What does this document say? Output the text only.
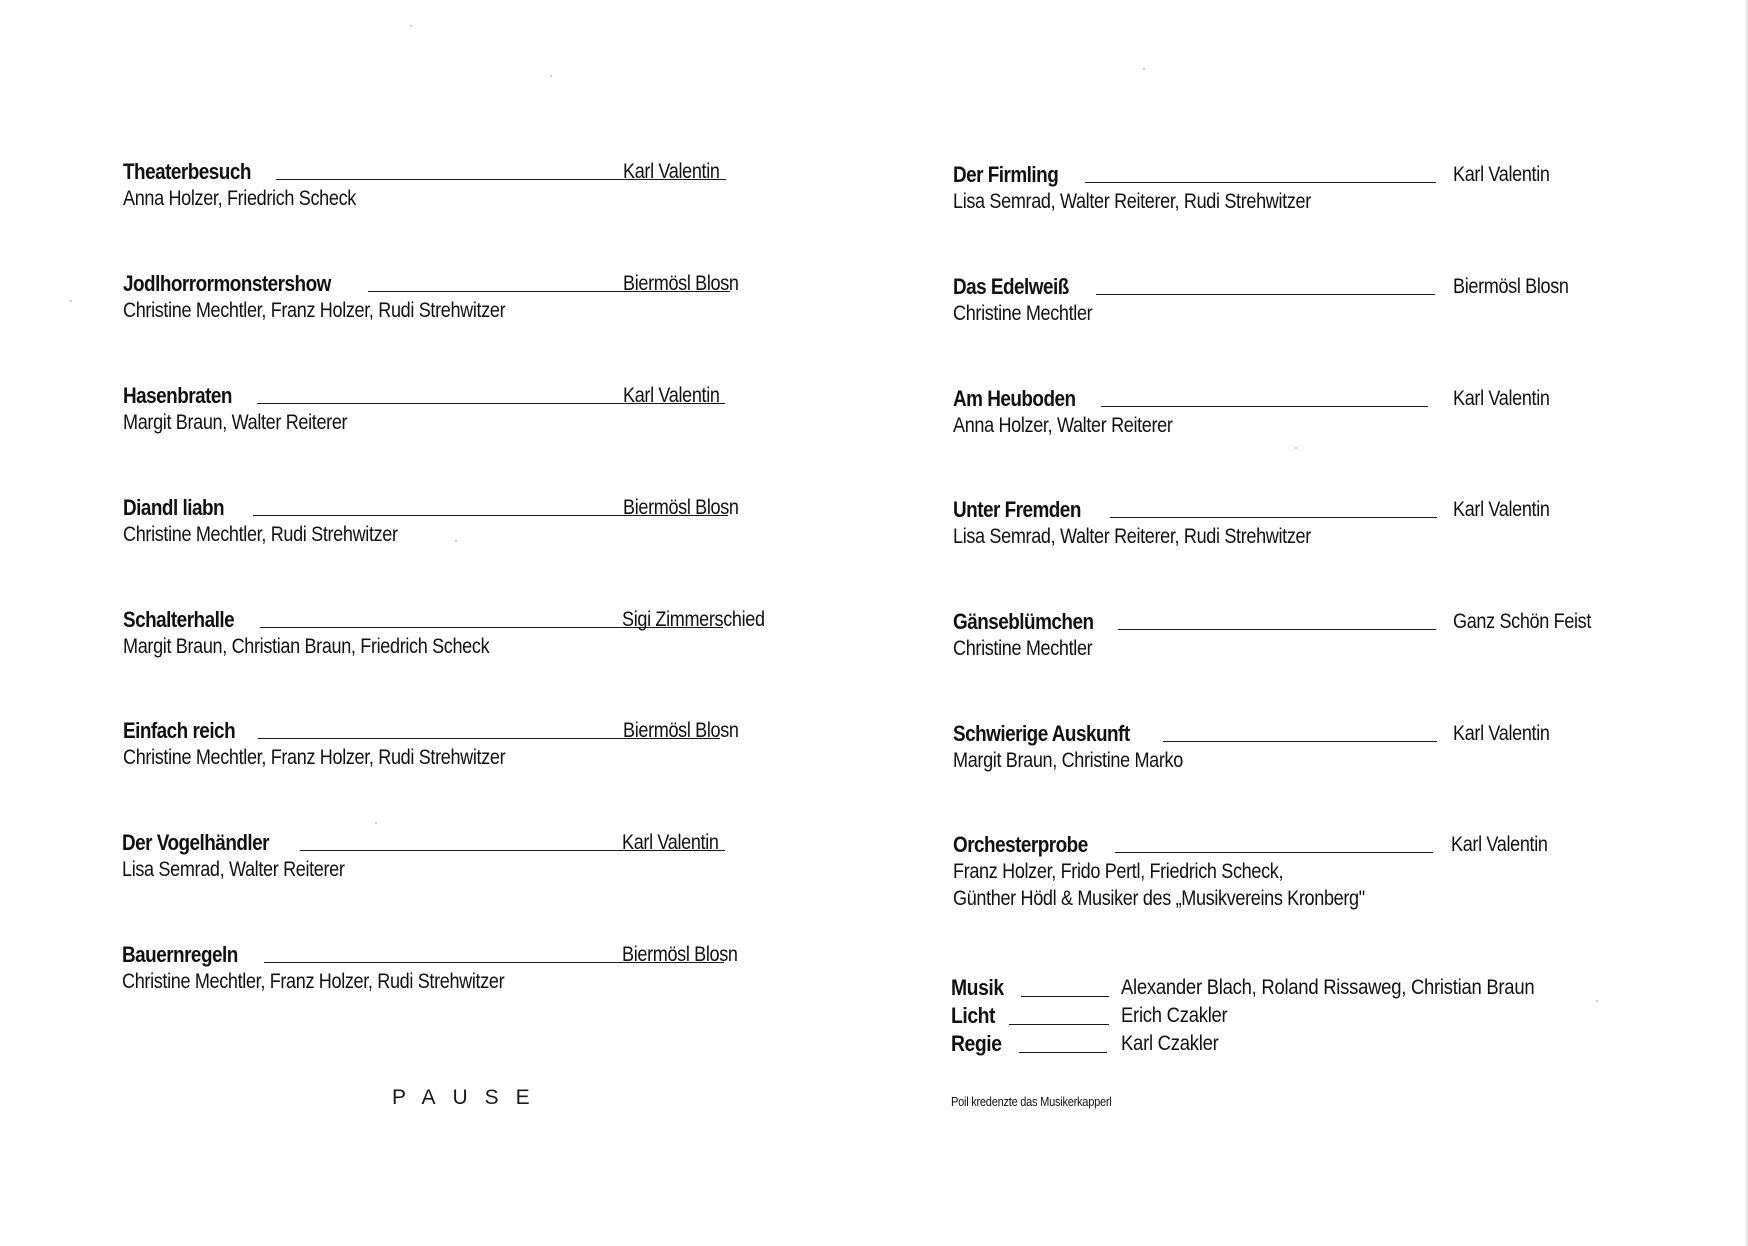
Theaterbesuch	Karl Valentin
Anna Holzer, Friedrich Scheck
Jodlhorrormonstershow	Biermösl Blosn
Christine Mechtler, Franz Holzer, Rudi Strehwitzer
Hasenbraten	Karl Valentin
Margit Braun, Walter Reiterer
Diandl liabn	Biermösl Blosn
Christine Mechtler, Rudi Strehwitzer
Schalterhalle	Sigi Zimmerschied
Margit Braun, Christian Braun, Friedrich Scheck
Einfach reich	Biermösl Blosn
Christine Mechtler, Franz Holzer, Rudi Strehwitzer
Der Vogelhändler	Karl Valentin
Lisa Semrad, Walter Reiterer
Bauernregeln	Biermösl Blosn
Christine Mechtler, Franz Holzer, Rudi Strehwitzer
PAUSE
Der Firmling	Karl Valentin
Lisa Semrad, Walter Reiterer, Rudi Strehwitzer
Das Edelweiß	Biermösl Blosn
Christine Mechtler
Am Heuboden	Karl Valentin
Anna Holzer, Walter Reiterer
Unter Fremden	Karl Valentin
Lisa Semrad, Walter Reiterer, Rudi Strehwitzer
Gänseblümchen	Ganz Schön Feist
Christine Mechtler
Schwierige Auskunft	Karl Valentin
Margit Braun, Christine Marko
Orchesterprobe	Karl Valentin
Franz Holzer, Frido Pertl, Friedrich Scheck,
Günther Hödl & Musiker des „Musikvereins Kronberg"
Musik	Alexander Blach, Roland Rissaweg, Christian Braun
Licht	Erich Czakler
Regie	Karl Czakler
Poil kredenzte das Musikerkapperl
